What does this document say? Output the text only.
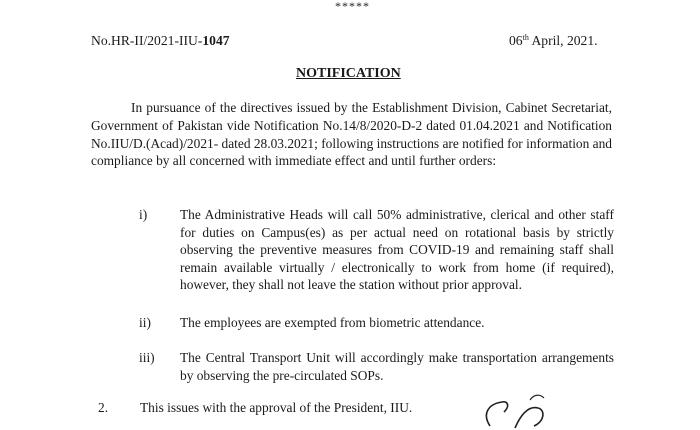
*****
No.HR-II/2021-IIU-1047	06th April, 2021.
NOTIFICATION
In pursuance of the directives issued by the Establishment Division, Cabinet Secretariat, Government of Pakistan vide Notification No.14/8/2020-D-2 dated 01.04.2021 and Notification No.IIU/D.(Acad)/2021- dated 28.03.2021; following instructions are notified for information and compliance by all concerned with immediate effect and until further orders:
i) The Administrative Heads will call 50% administrative, clerical and other staff for duties on Campus(es) as per actual need on rotational basis by strictly observing the preventive measures from COVID-19 and remaining staff shall remain available virtually / electronically to work from home (if required), however, they shall not leave the station without prior approval.
ii) The employees are exempted from biometric attendance.
iii) The Central Transport Unit will accordingly make transportation arrangements by observing the pre-circulated SOPs.
2. This issues with the approval of the President, IIU.
